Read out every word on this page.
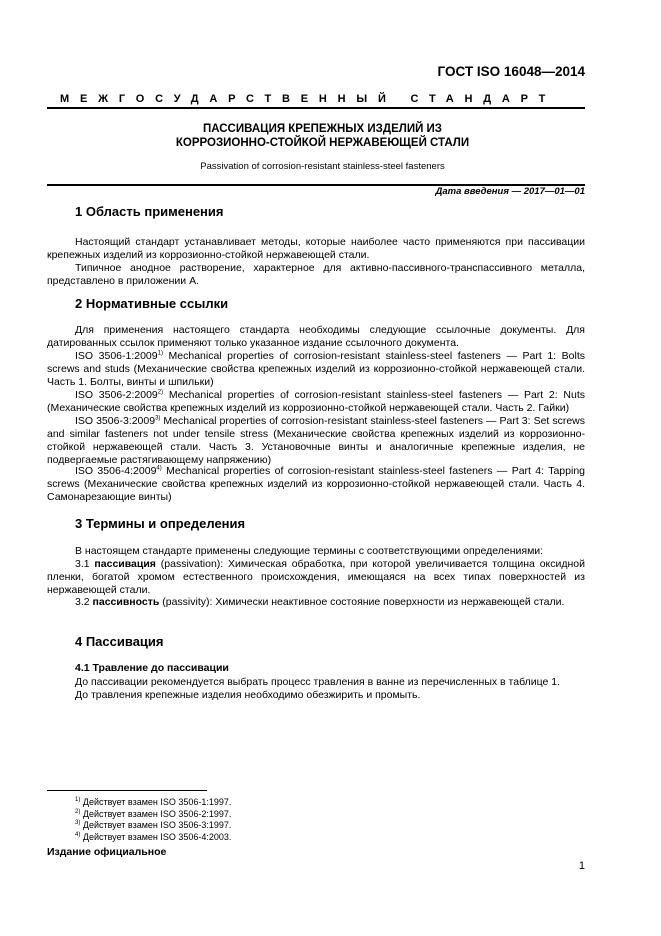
ГОСТ ISO 16048—2014
МЕЖГОСУДАРСТВЕННЫЙ СТАНДАРТ
ПАССИВАЦИЯ КРЕПЕЖНЫХ ИЗДЕЛИЙ ИЗ
КОРРОЗИОННО-СТОЙКОЙ НЕРЖАВЕЮЩЕЙ СТАЛИ
Passivation of corrosion-resistant stainless-steel fasteners
Дата введения — 2017—01—01
1 Область применения

Настоящий стандарт устанавливает методы, которые наиболее часто применяются при пассивации крепежных изделий из коррозионно-стойкой нержавеющей стали.

Типичное анодное растворение, характерное для активно-пассивного-транспассивного металла, представлено в приложении А.

2 Нормативные ссылки

Для применения настоящего стандарта необходимы следующие ссылочные документы. Для датированных ссылок применяют только указанное издание ссылочного документа.

ISO 3506-1:2009$^{1)}$ Mechanical properties of corrosion-resistant stainless-steel fasteners — Part 1: Bolts screws and studs (Механические свойства крепежных изделий из коррозионно-стойкой нержавеющей стали. Часть 1. Болты, винты и шпильки)

ISO 3506-2:2009$^{2)}$ Mechanical properties of corrosion-resistant stainless-steel fasteners — Part 2: Nuts (Механические свойства крепежных изделий из коррозионно-стойкой нержавеющей стали. Часть 2. Гайки)

ISO 3506-3:2009$^{3)}$ Mechanical properties of corrosion-resistant stainless-steel fasteners — Part 3: Set screws and similar fasteners not under tensile stress (Механические свойства крепежных изделий из коррозионно-стойкой нержавеющей стали. Часть 3. Установочные винты и аналогичные крепежные изделия, не подвергаемые растягивающему напряжению)

ISO 3506-4:2009$^{4)}$ Mechanical properties of corrosion-resistant stainless-steel fasteners — Part 4: Tapping screws (Механические свойства крепежных изделий из коррозионно-стойкой нержавеющей стали. Часть 4. Самонарезающие винты)

3 Термины и определения

В настоящем стандарте применены следующие термины с соответствующими определениями:

3.1 пассивация (passivation): Химическая обработка, при которой увеличивается толщина оксидной пленки, богатой хромом естественного происхождения, имеющаяся на всех типах поверхностей из нержавеющей стали.

3.2 пассивность (passivity): Химически неактивное состояние поверхности из нержавеющей стали.

4 Пассивация

4.1 Травление до пассивации

До пассивации рекомендуется выбрать процесс травления в ванне из перечисленных в таблице 1.

До травления крепежные изделия необходимо обезжирить и промыть.

$^{1)}$ Действует взамен ISO 3506-1:1997.
$^{2)}$ Действует взамен ISO 3506-2:1997.
$^{3)}$ Действует взамен ISO 3506-3:1997.
$^{4)}$ Действует взамен ISO 3506-4:2003.
Издание официальное
1
